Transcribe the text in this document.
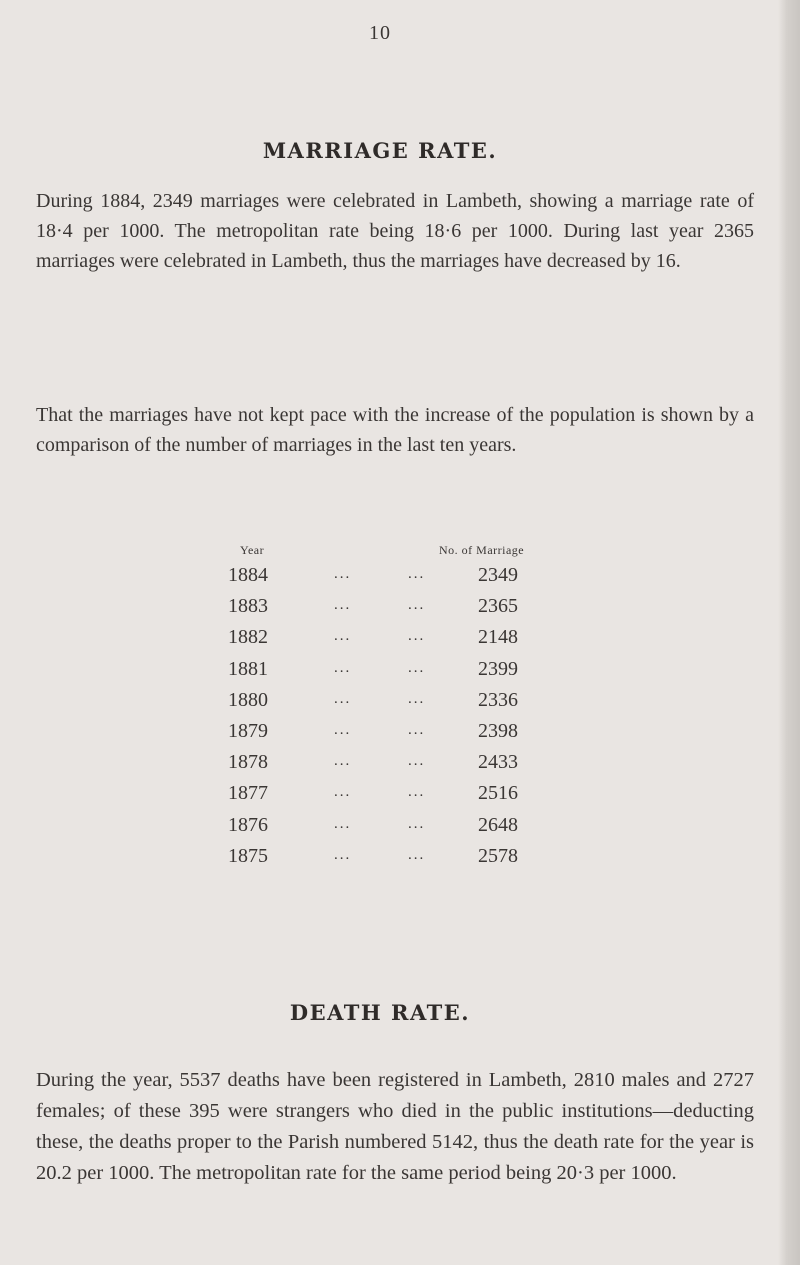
10
MARRIAGE RATE.

During 1884, 2349 marriages were celebrated in Lambeth, showing a marriage rate of 18·4 per 1000. The metropolitan rate being 18·6 per 1000. During last year 2365 marriages were celebrated in Lambeth, thus the marriages have decreased by 16.

That the marriages have not kept pace with the increase of the population is shown by a comparison of the number of marriages in the last ten years.

Year	No. of Marriage
1884	...	...	2349
1883	...	...	2365
1882	...	...	2148
1881	...	...	2399
1880	...	...	2336
1879	...	...	2398
1878	...	...	2433
1877	...	...	2516
1876	...	...	2648
1875	...	...	2578
DEATH RATE.

During the year, 5537 deaths have been registered in Lambeth, 2810 males and 2727 females; of these 395 were strangers who died in the public institutions—deducting these, the deaths proper to the Parish numbered 5142, thus the death rate for the year is 20.2 per 1000. The metropolitan rate for the same period being 20·3 per 1000.
